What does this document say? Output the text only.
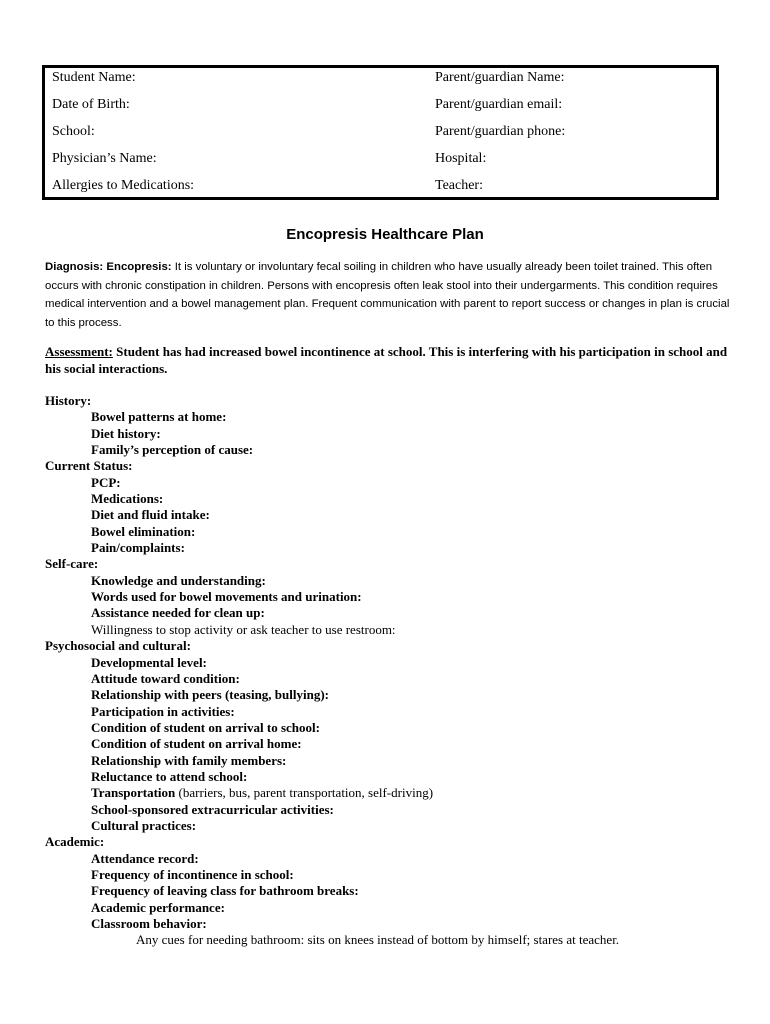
Student Name:	Parent/guardian Name:
Date of Birth:	Parent/guardian email:
School:	Parent/guardian phone:
Physician’s Name:	Hospital:
Allergies to Medications:	Teacher:
Encopresis Healthcare Plan
Diagnosis: Encopresis: It is voluntary or involuntary fecal soiling in children who have usually already been toilet trained. This often occurs with chronic constipation in children. Persons with encopresis often leak stool into their undergarments. This condition requires medical intervention and a bowel management plan. Frequent communication with parent to report success or changes in plan is crucial to this process.
Assessment: Student has had increased bowel incontinence at school. This is interfering with his participation in school and his social interactions.
History:
Bowel patterns at home:
Diet history:
Family’s perception of cause:
Current Status:
PCP:
Medications:
Diet and fluid intake:
Bowel elimination:
Pain/complaints:
Self-care:
Knowledge and understanding:
Words used for bowel movements and urination:
Assistance needed for clean up:
Willingness to stop activity or ask teacher to use restroom:
Psychosocial and cultural:
Developmental level:
Attitude toward condition:
Relationship with peers (teasing, bullying):
Participation in activities:
Condition of student on arrival to school:
Condition of student on arrival home:
Relationship with family members:
Reluctance to attend school:
Transportation (barriers, bus, parent transportation, self-driving)
School-sponsored extracurricular activities:
Cultural practices:
Academic:
Attendance record:
Frequency of incontinence in school:
Frequency of leaving class for bathroom breaks:
Academic performance:
Classroom behavior:
Any cues for needing bathroom: sits on knees instead of bottom by himself; stares at teacher.
